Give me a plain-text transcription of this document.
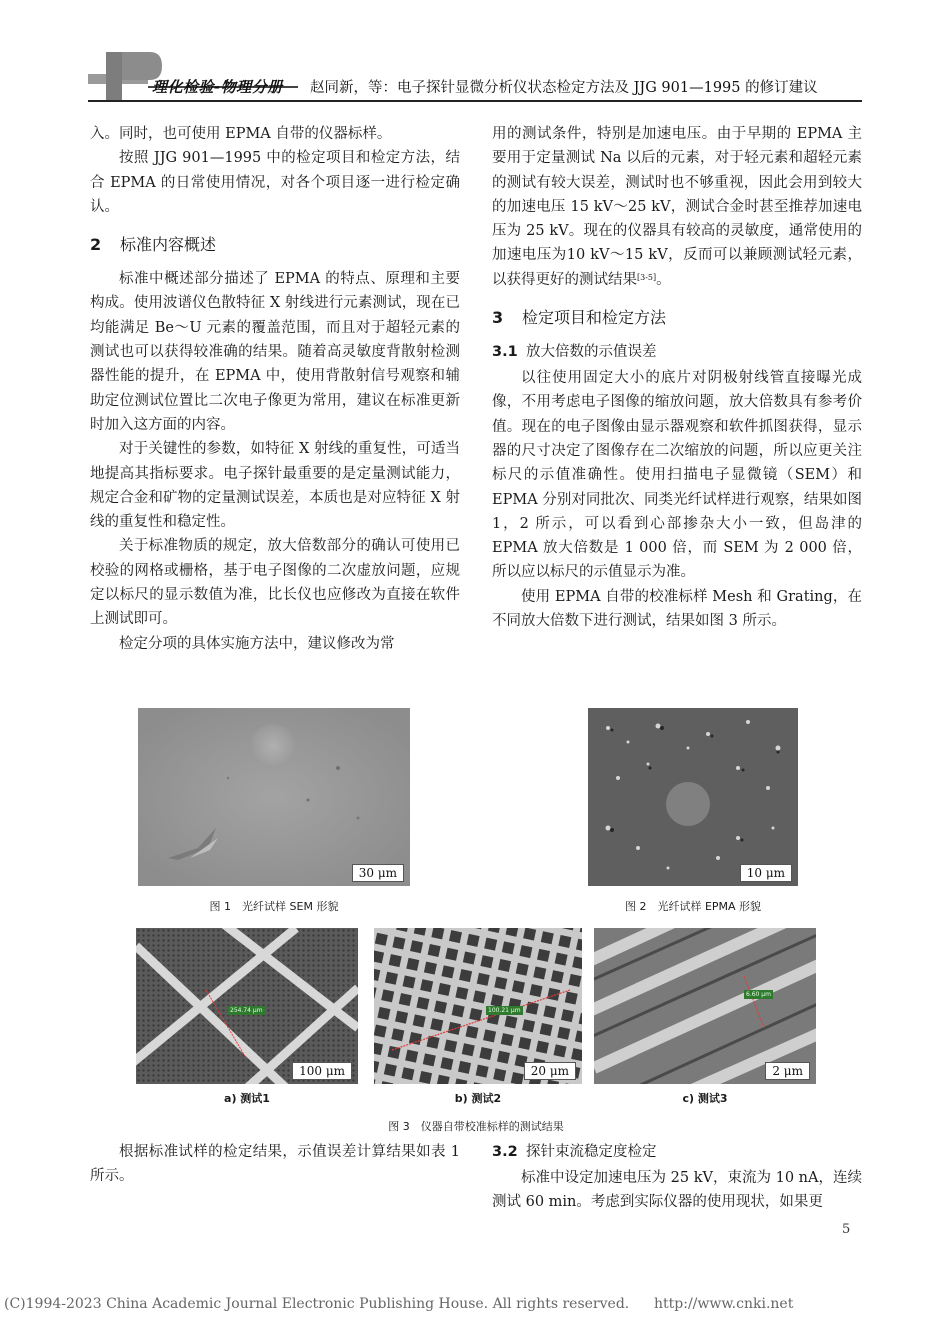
理化检验-物理分册 赵同新，等：电子探针显微分析仪状态检定方法及 JJG 901—1995 的修订建议

入。同时，也可使用 EPMA 自带的仪器标样。

按照 JJG 901—1995 中的检定项目和检定方法，结合 EPMA 的日常使用情况，对各个项目逐一进行检定确认。

2 标准内容概述

标准中概述部分描述了 EPMA 的特点、原理和主要构成。使用波谱仪色散特征 X 射线进行元素测试，现在已均能满足 Be～U 元素的覆盖范围，而且对于超轻元素的测试也可以获得较准确的结果。随着高灵敏度背散射检测器性能的提升，在 EPMA 中，使用背散射信号观察和辅助定位测试位置比二次电子像更为常用，建议在标准更新时加入这方面的内容。

对于关键性的参数，如特征 X 射线的重复性，可适当地提高其指标要求。电子探针最重要的是定量测试能力，规定合金和矿物的定量测试误差，本质也是对应特征 X 射线的重复性和稳定性。

关于标准物质的规定，放大倍数部分的确认可使用已校验的网格或栅格，基于电子图像的二次虚放问题，应规定以标尺的显示数值为准，比长仪也应修改为直接在软件上测试即可。

检定分项的具体实施方法中，建议修改为常

用的测试条件，特别是加速电压。由于早期的 EPMA 主要用于定量测试 Na 以后的元素，对于轻元素和超轻元素的测试有较大误差，测试时也不够重视，因此会用到较大的加速电压 15 kV～25 kV，测试合金时甚至推荐加速电压为 25 kV。现在的仪器具有较高的灵敏度，通常使用的加速电压为10 kV～15 kV，反而可以兼顾测试轻元素，以获得更好的测试结果[3-5]。

3 检定项目和检定方法
3.1 放大倍数的示值误差

以往使用固定大小的底片对阴极射线管直接曝光成像，不用考虑电子图像的缩放问题，放大倍数具有参考价值。现在的电子图像由显示器观察和软件抓图获得，显示器的尺寸决定了图像存在二次缩放的问题，所以应更关注标尺的示值准确性。使用扫描电子显微镜（SEM）和 EPMA 分别对同批次、同类光纤试样进行观察，结果如图 1，2 所示，可以看到心部掺杂大小一致，但岛津的 EPMA 放大倍数是 1 000 倍，而 SEM 为 2 000 倍，所以应以标尺的示值显示为准。

使用 EPMA 自带的校准标样 Mesh 和 Grating，在不同放大倍数下进行测试，结果如图 3 所示。

30 μm
图 1　光纤试样 SEM 形貌
10 μm
图 2　光纤试样 EPMA 形貌
254.74 μm
100 μm
a) 测试1
100.21 μm
20 μm
b) 测试2
6.60 μm
2 μm
c) 测试3
图 3　仪器自带校准标样的测试结果

根据标准试样的检定结果，示值误差计算结果如表 1 所示。

3.2 探针束流稳定度检定

标准中设定加速电压为 25 kV，束流为 10 nA，连续测试 60 min。考虑到实际仪器的使用现状，如果更

5
(C)1994-2023 China Academic Journal Electronic Publishing House. All rights reserved. http://www.cnki.net
